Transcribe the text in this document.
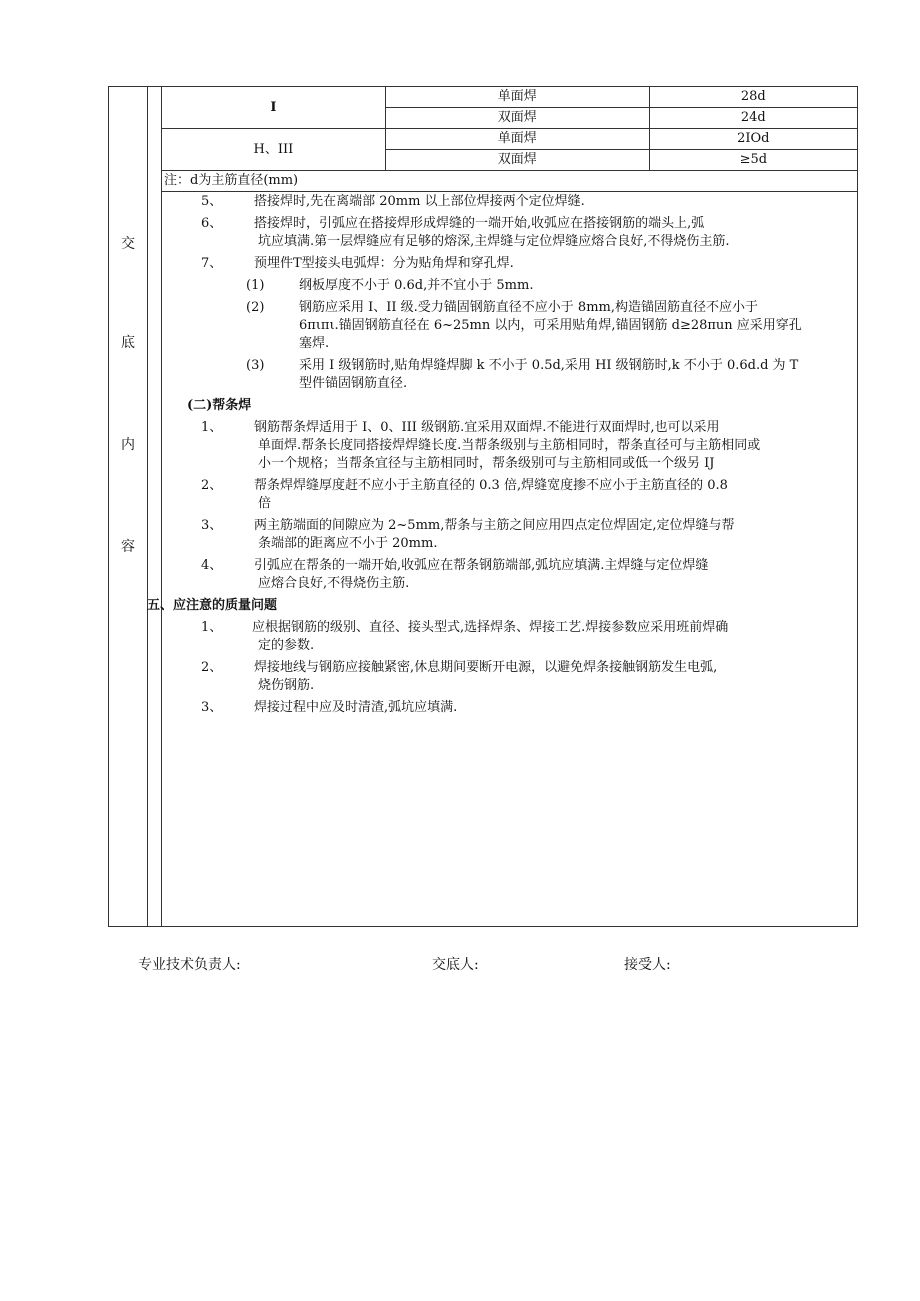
交
底
内
容
I	单面焊	28d
	双面焊	24d
H、III	单面焊	2IOd
	双面焊	≥5d
注：d为主筋直径(mm)		
5、 搭接焊时,先在离端部 20mm 以上部位焊接两个定位焊缝.
6、 搭接焊时，引弧应在搭接焊形成焊缝的一端开始,收弧应在搭接钢筋的端头上,弧
坑应填满.第一层焊缝应有足够的熔深,主焊缝与定位焊缝应熔合良好,不得烧伤主筋.
7、 预埋件T型接头电弧焊：分为贴角焊和穿孔焊.
(1)	纲板厚度不小于 0.6d,并不宜小于 5mm.
(2)	钢筋应采用 I、II 级.受力锚固钢筋直径不应小于 8mm,构造锚固筋直径不应小于
6πιπι.锚固钢筋直径在 6~25mn 以内，可采用贴角焊,锚固钢筋 d≥28πun 应采用穿孔
塞焊.
(3)	采用 I 级钢筋时,贴角焊缝焊脚 k 不小于 0.5d,采用 HI 级钢筋时,k 不小于 0.6d.d 为 T
型件锚固钢筋直径.
(二)帮条焊
1、 钢筋帮条焊适用于 I、0、III 级钢筋.宜采用双面焊.不能进行双面焊时,也可以采用
单面焊.帮条长度同搭接焊焊缝长度.当帮条级别与主筋相同时，帮条直径可与主筋相同或
小一个规格；当帮条宜径与主筋相同时，帮条级别可与主筋相同或低一个级另 IJ
2、 帮条焊焊缝厚度赶不应小于主筋直径的 0.3 倍,焊缝宽度掺不应小于主筋直径的 0.8
倍
3、 两主筋端面的间隙应为 2~5mm,帮条与主筋之间应用四点定位焊固定,定位焊缝与帮
条端部的距离应不小于 20mm.
4、 引弧应在帮条的一端开始,收弧应在帮条钢筋端部,弧坑应填满.主焊缝与定位焊缝
应熔合良好,不得烧伤主筋.
五、应注意的质量问题
1、 应根据钢筋的级别、直径、接头型式,选择焊条、焊接工艺.焊接参数应采用班前焊确
定的参数.
2、 焊接地线与钢筋应接触紧密,休息期间要断开电源，以避免焊条接触钢筋发生电弧,
烧伤钢筋.
3、 焊接过程中应及时清渣,弧坑应填满.
专业技术负责人:	交底人:	接受人:
